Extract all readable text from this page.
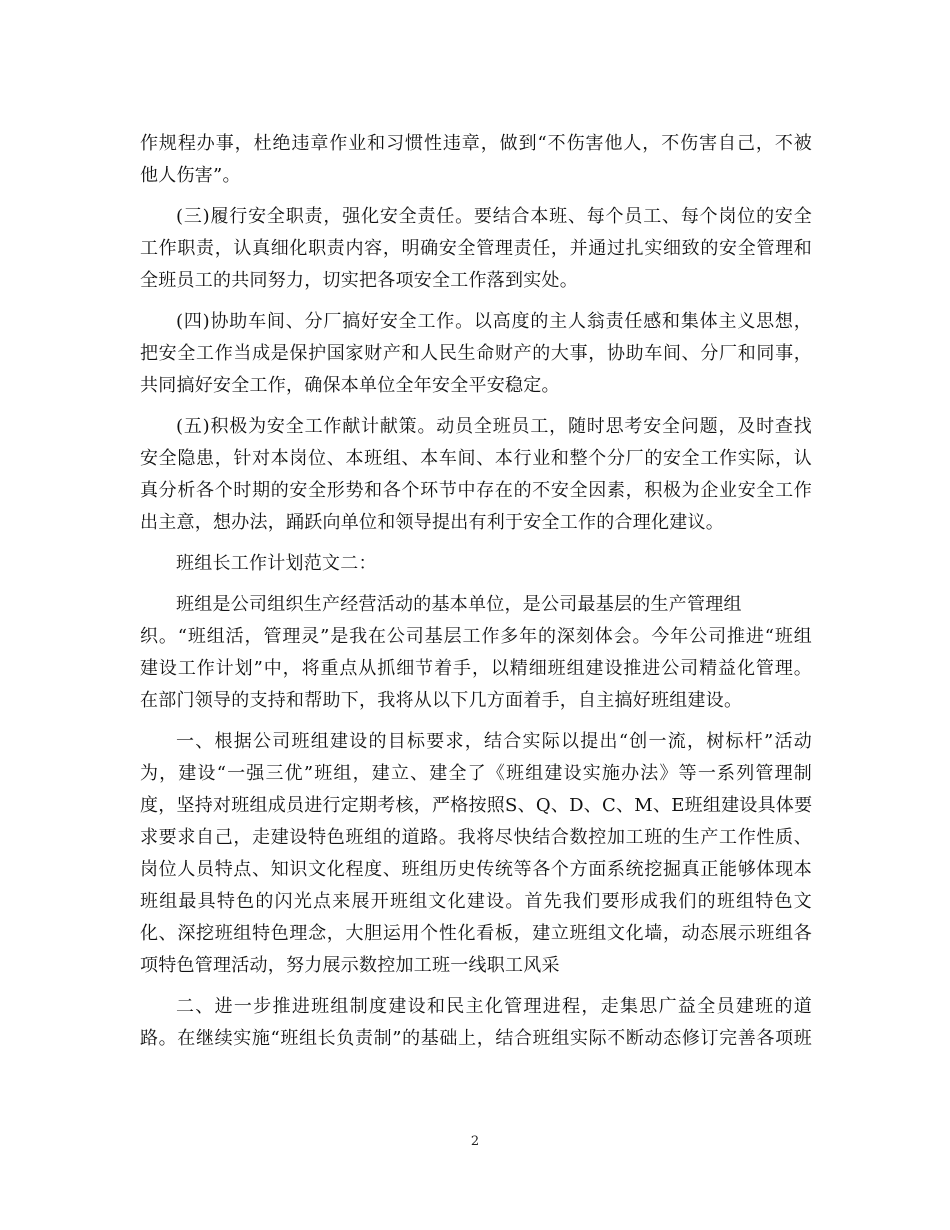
作规程办事，杜绝违章作业和习惯性违章，做到“不伤害他人，不伤害自己，不被
他人伤害”。
(三)履行安全职责，强化安全责任。要结合本班、每个员工、每个岗位的安全
工作职责，认真细化职责内容，明确安全管理责任，并通过扎实细致的安全管理和
全班员工的共同努力，切实把各项安全工作落到实处。
(四)协助车间、分厂搞好安全工作。以高度的主人翁责任感和集体主义思想，
把安全工作当成是保护国家财产和人民生命财产的大事，协助车间、分厂和同事，
共同搞好安全工作，确保本单位全年安全平安稳定。
(五)积极为安全工作献计献策。动员全班员工，随时思考安全问题，及时查找
安全隐患，针对本岗位、本班组、本车间、本行业和整个分厂的安全工作实际，认
真分析各个时期的安全形势和各个环节中存在的不安全因素，积极为企业安全工作
出主意，想办法，踊跃向单位和领导提出有利于安全工作的合理化建议。
班组长工作计划范文二：
班组是公司组织生产经营活动的基本单位，是公司最基层的生产管理组
织。“班组活，管理灵”是我在公司基层工作多年的深刻体会。今年公司推进“班组
建设工作计划”中，将重点从抓细节着手，以精细班组建设推进公司精益化管理。
在部门领导的支持和帮助下，我将从以下几方面着手，自主搞好班组建设。
一、根据公司班组建设的目标要求，结合实际以提出“创一流，树标杆”活动
为，建设“一强三优”班组，建立、建全了《班组建设实施办法》等一系列管理制
度，坚持对班组成员进行定期考核，严格按照S、Q、D、C、M、E班组建设具体要
求要求自己，走建设特色班组的道路。我将尽快结合数控加工班的生产工作性质、
岗位人员特点、知识文化程度、班组历史传统等各个方面系统挖掘真正能够体现本
班组最具特色的闪光点来展开班组文化建设。首先我们要形成我们的班组特色文
化、深挖班组特色理念，大胆运用个性化看板，建立班组文化墙，动态展示班组各
项特色管理活动，努力展示数控加工班一线职工风采
二、进一步推进班组制度建设和民主化管理进程，走集思广益全员建班的道
路。在继续实施“班组长负责制”的基础上，结合班组实际不断动态修订完善各项班
2
